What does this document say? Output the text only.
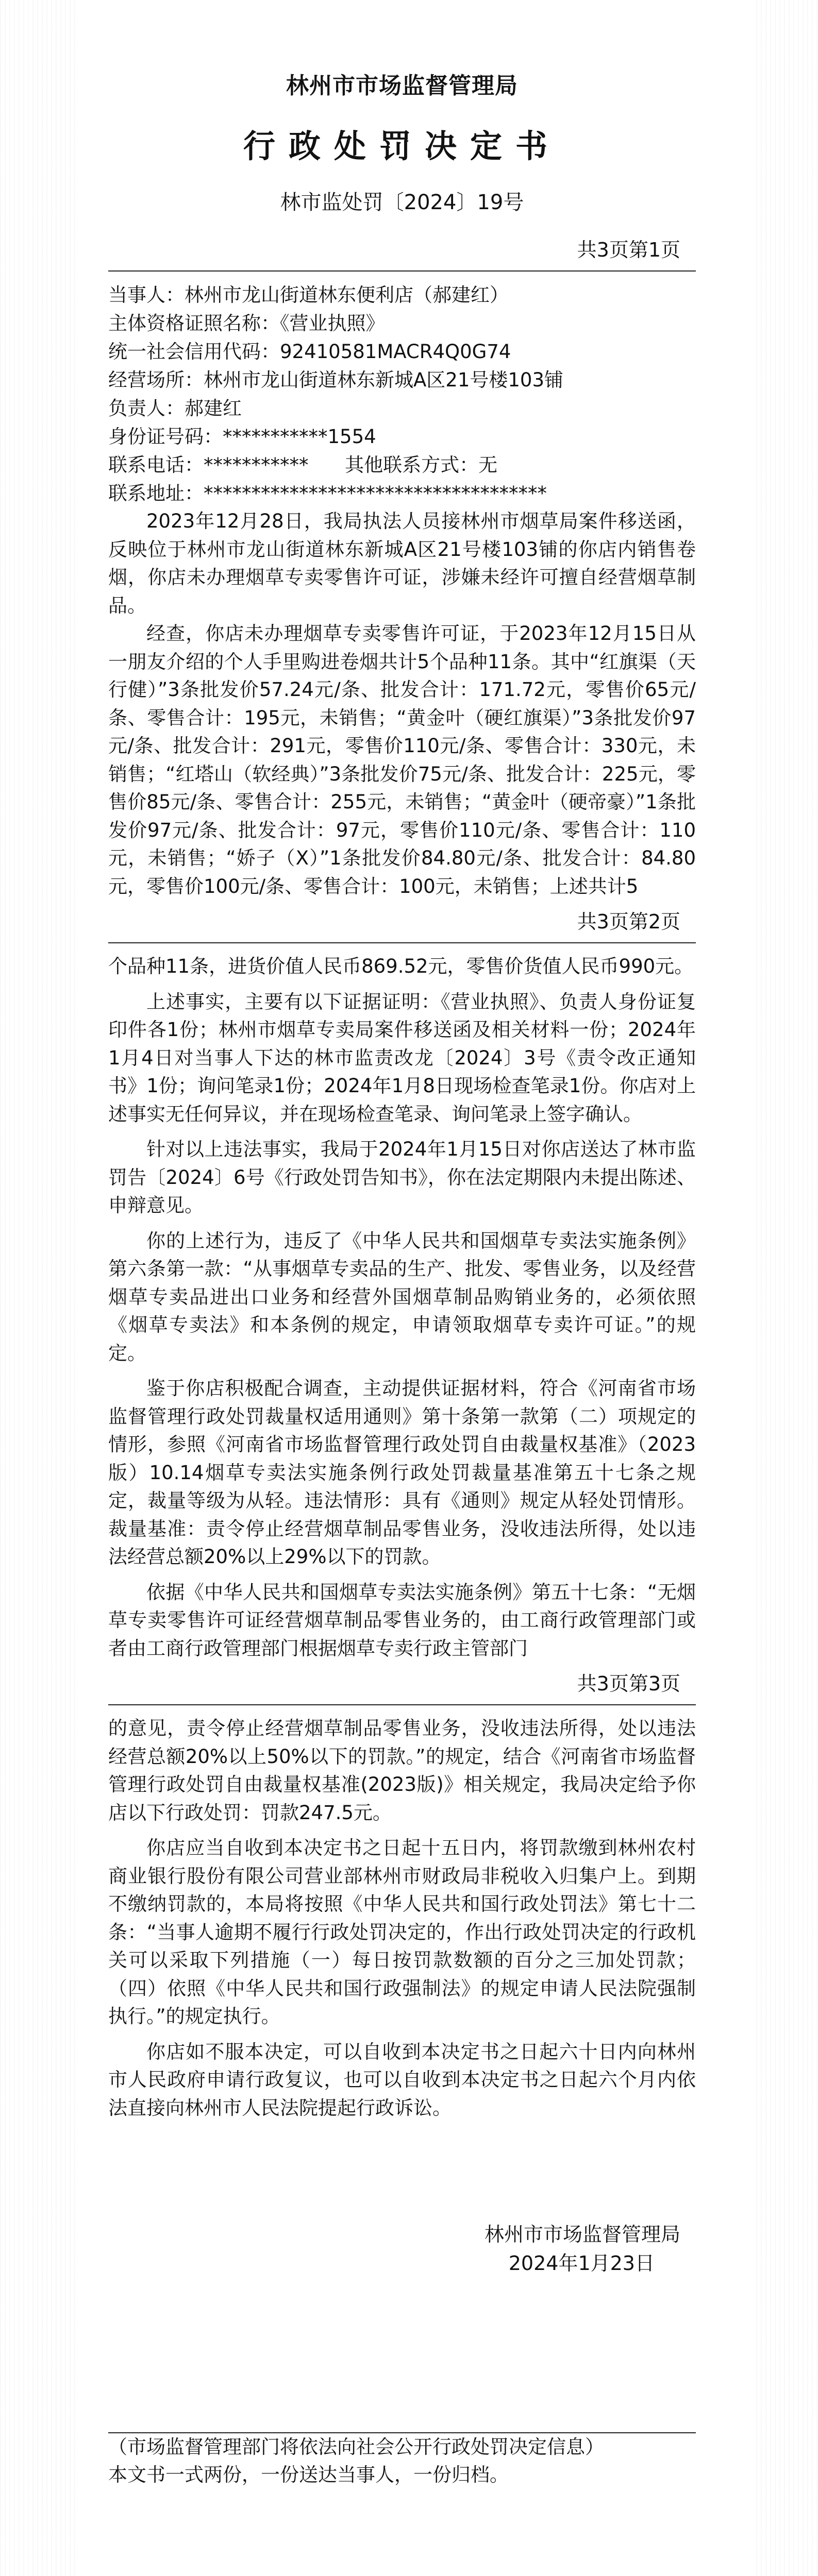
林州市市场监督管理局
行政处罚决定书
林市监处罚〔2024〕19号
共3页第1页
当事人：林州市龙山街道林东便利店（郝建红）
主体资格证照名称：《营业执照》
统一社会信用代码：92410581MACR4Q0G74
经营场所：林州市龙山街道林东新城A区21号楼103铺
负责人：郝建红
身份证号码：***********1554
联系电话：*********** 其他联系方式：无
联系地址：************************************

2023年12月28日，我局执法人员接林州市烟草局案件移送函，反映位于林州市龙山街道林东新城A区21号楼103铺的你店内销售卷烟，你店未办理烟草专卖零售许可证，涉嫌未经许可擅自经营烟草制品。

经查，你店未办理烟草专卖零售许可证，于2023年12月15日从一朋友介绍的个人手里购进卷烟共计5个品种11条。其中“红旗渠（天行健）”3条批发价57.24元/条、批发合计：171.72元，零售价65元/条、零售合计：195元，未销售；“黄金叶（硬红旗渠）”3条批发价97元/条、批发合计：291元，零售价110元/条、零售合计：330元，未销售；“红塔山（软经典）”3条批发价75元/条、批发合计：225元，零售价85元/条、零售合计：255元，未销售；“黄金叶（硬帝豪）”1条批发价97元/条、批发合计：97元，零售价110元/条、零售合计：110元，未销售；“娇子（X）”1条批发价84.80元/条、批发合计：84.80元，零售价100元/条、零售合计：100元，未销售；上述共计5

共3页第2页

个品种11条，进货价值人民币869.52元，零售价货值人民币990元。

上述事实，主要有以下证据证明：《营业执照》、负责人身份证复印件各1份；林州市烟草专卖局案件移送函及相关材料一份；2024年1月4日对当事人下达的林市监责改龙〔2024〕3号《责令改正通知书》1份；询问笔录1份；2024年1月8日现场检查笔录1份。你店对上述事实无任何异议，并在现场检查笔录、询问笔录上签字确认。

针对以上违法事实，我局于2024年1月15日对你店送达了林市监罚告〔2024〕6号《行政处罚告知书》，你在法定期限内未提出陈述、申辩意见。

你的上述行为，违反了《中华人民共和国烟草专卖法实施条例》第六条第一款：“从事烟草专卖品的生产、批发、零售业务，以及经营烟草专卖品进出口业务和经营外国烟草制品购销业务的，必须依照《烟草专卖法》和本条例的规定，申请领取烟草专卖许可证。”的规定。

鉴于你店积极配合调查，主动提供证据材料，符合《河南省市场监督管理行政处罚裁量权适用通则》第十条第一款第（二）项规定的情形，参照《河南省市场监督管理行政处罚自由裁量权基准》（2023版）10.14烟草专卖法实施条例行政处罚裁量基准第五十七条之规定，裁量等级为从轻。违法情形：具有《通则》规定从轻处罚情形。裁量基准：责令停止经营烟草制品零售业务，没收违法所得，处以违法经营总额20%以上29%以下的罚款。

依据《中华人民共和国烟草专卖法实施条例》第五十七条：“无烟草专卖零售许可证经营烟草制品零售业务的，由工商行政管理部门或者由工商行政管理部门根据烟草专卖行政主管部门

共3页第3页

的意见，责令停止经营烟草制品零售业务，没收违法所得，处以违法经营总额20%以上50%以下的罚款。”的规定，结合《河南省市场监督管理行政处罚自由裁量权基准(2023版)》相关规定，我局决定给予你店以下行政处罚：罚款247.5元。

你店应当自收到本决定书之日起十五日内，将罚款缴到林州农村商业银行股份有限公司营业部林州市财政局非税收入归集户上。到期不缴纳罚款的，本局将按照《中华人民共和国行政处罚法》第七十二条：“当事人逾期不履行行政处罚决定的，作出行政处罚决定的行政机关可以采取下列措施（一）每日按罚款数额的百分之三加处罚款；（四）依照《中华人民共和国行政强制法》的规定申请人民法院强制执行。”的规定执行。

你店如不服本决定，可以自收到本决定书之日起六十日内向林州市人民政府申请行政复议，也可以自收到本决定书之日起六个月内依法直接向林州市人民法院提起行政诉讼。

林州市市场监督管理局
2024年1月23日
（市场监督管理部门将依法向社会公开行政处罚决定信息）
本文书一式两份，一份送达当事人，一份归档。
